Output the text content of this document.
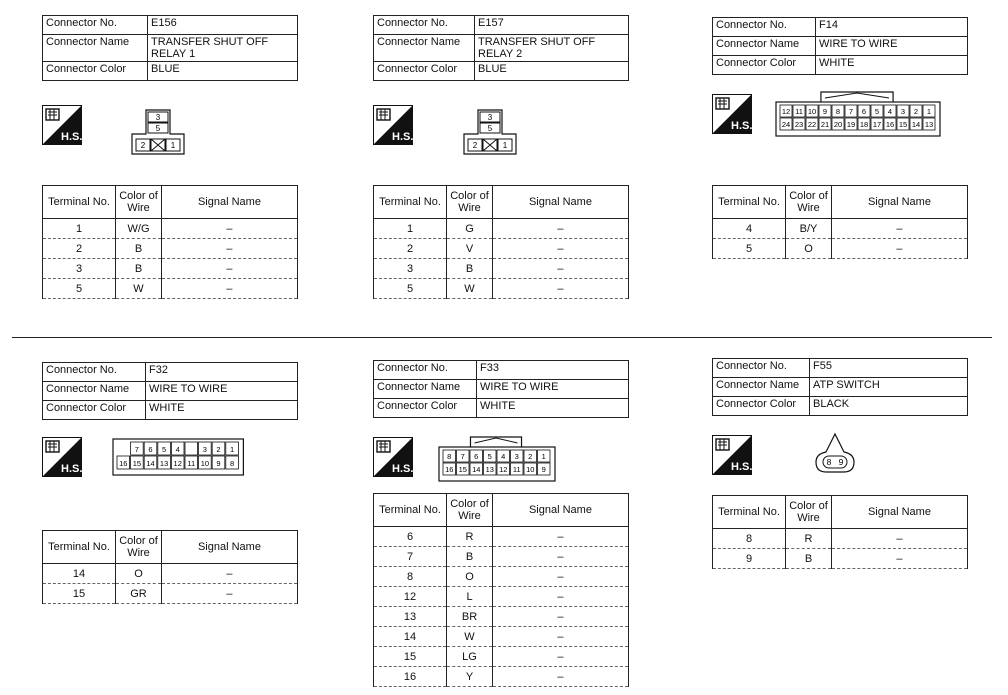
Connector No.	E156
Connector Name	TRANSFER SHUT OFF RELAY 1
Connector Color	BLUE
Terminal No.	Color of Wire	Signal Name
1	W/G	–
2	B	–
3	B	–
5	W	–
Connector No.	E157
Connector Name	TRANSFER SHUT OFF RELAY 2
Connector Color	BLUE
Terminal No.	Color of Wire	Signal Name
1	G	–
2	V	–
3	B	–
5	W	–
Connector No.	F14
Connector Name	WIRE TO WIRE
Connector Color	WHITE
Terminal No.	Color of Wire	Signal Name
4	B/Y	–
5	O	–
Connector No.	F32
Connector Name	WIRE TO WIRE
Connector Color	WHITE
Terminal No.	Color of Wire	Signal Name
14	O	–
15	GR	–
Connector No.	F33
Connector Name	WIRE TO WIRE
Connector Color	WHITE
Terminal No.	Color of Wire	Signal Name
6	R	–
7	B	–
8	O	–
12	L	–
13	BR	–
14	W	–
15	LG	–
16	Y	–
Connector No.	F55
Connector Name	ATP SWITCH
Connector Color	BLACK
Terminal No.	Color of Wire	Signal Name
8	R	–
9	B	–
H.S.
3
5
2	1
H.S.
3
5
2	1
H.S.
12 11 10 9 8 7 6 5 4 3 2 1
24 23 22 21 20 19 18 17 16 15 14 13
H.S.
7 6 5 4	3 2 1
16 15 14 13 12 11 10 9 8	H.S.
8 7 6 5 4 3 2 1
16 15 14 13 12 11 10 9	H.S.	8 9
